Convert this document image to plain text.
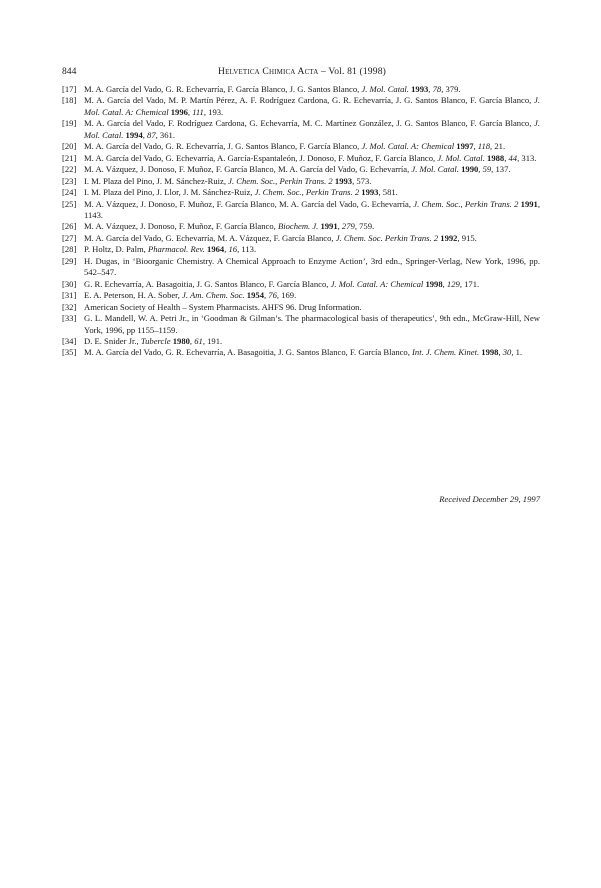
844	Helvetica Chimica Acta – Vol. 81 (1998)
[17] M. A. García del Vado, G. R. Echevarría, F. García Blanco, J. G. Santos Blanco, J. Mol. Catal. 1993, 78, 379.
[18] M. A. García del Vado, M. P. Martín Pérez, A. F. Rodríguez Cardona, G. R. Echevarría, J. G. Santos Blanco, F. García Blanco, J. Mol. Catal. A: Chemical 1996, 111, 193.
[19] M. A. García del Vado, F. Rodríguez Cardona, G. Echevarría, M. C. Martínez González, J. G. Santos Blanco, F. García Blanco, J. Mol. Catal. 1994, 87, 361.
[20] M. A. García del Vado, G. R. Echevarría, J. G. Santos Blanco, F. García Blanco, J. Mol. Catal. A: Chemical 1997, 118, 21.
[21] M. A. García del Vado, G. Echevarría, A. García-Espantaleón, J. Donoso, F. Muñoz, F. García Blanco, J. Mol. Catal. 1988, 44, 313.
[22] M. A. Vázquez, J. Donoso, F. Muñoz, F. García Blanco, M. A. García del Vado, G. Echevarría, J. Mol. Catal. 1990, 59, 137.
[23] I. M. Plaza del Pino, J. M. Sánchez-Ruiz, J. Chem. Soc., Perkin Trans. 2 1993, 573.
[24] I. M. Plaza del Pino, J. Llor, J. M. Sánchez-Ruiz, J. Chem. Soc., Perkin Trans. 2 1993, 581.
[25] M. A. Vázquez, J. Donoso, F. Muñoz, F. García Blanco, M. A. García del Vado, G. Echevarría, J. Chem. Soc., Perkin Trans. 2 1991, 1143.
[26] M. A. Vázquez, J. Donoso, F. Muñoz, F. García Blanco, Biochem. J. 1991, 279, 759.
[27] M. A. García del Vado, G. Echevarría, M. A. Vázquez, F. García Blanco, J. Chem. Soc. Perkin Trans. 2 1992, 915.
[28] P. Holtz, D. Palm, Pharmacol. Rev. 1964, 16, 113.
[29] H. Dugas, in ‘Bioorganic Chemistry. A Chemical Approach to Enzyme Action’, 3rd edn., Springer-Verlag, New York, 1996, pp. 542–547.
[30] G. R. Echevarría, A. Basagoitia, J. G. Santos Blanco, F. García Blanco, J. Mol. Catal. A: Chemical 1998, 129, 171.
[31] E. A. Peterson, H. A. Sober, J. Am. Chem. Soc. 1954, 76, 169.
[32] American Society of Health – System Pharmacists. AHFS 96. Drug Information.
[33] G. L. Mandell, W. A. Petri Jr., in ‘Goodman & Gilman’s. The pharmacological basis of therapeutics’, 9th edn., McGraw-Hill, New York, 1996, pp 1155–1159.
[34] D. E. Snider Jr., Tubercle 1980, 61, 191.
[35] M. A. García del Vado, G. R. Echevarría, A. Basagoitia, J. G. Santos Blanco, F. García Blanco, Int. J. Chem. Kinet. 1998, 30, 1.
Received December 29, 1997
